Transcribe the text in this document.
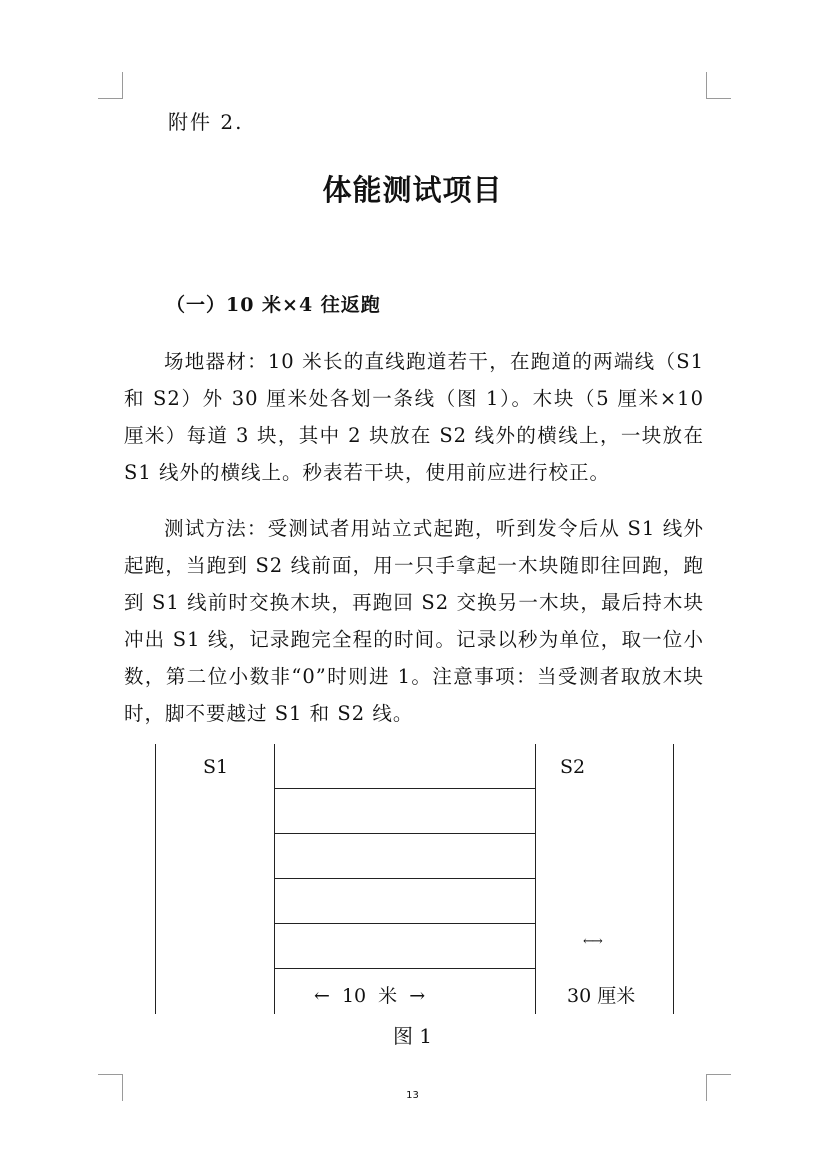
附件 2.
体能测试项目
（一）10 米×4 往返跑

场地器材：10 米长的直线跑道若干，在跑道的两端线（S1 和 S2）外 30 厘米处各划一条线（图 1）。木块（5 厘米×10 厘米）每道 3 块，其中 2 块放在 S2 线外的横线上，一块放在 S1 线外的横线上。秒表若干块，使用前应进行校正。

测试方法：受测试者用站立式起跑，听到发令后从 S1 线外起跑，当跑到 S2 线前面，用一只手拿起一木块随即往回跑，跑到 S1 线前时交换木块，再跑回 S2 交换另一木块，最后持木块冲出 S1 线，记录跑完全程的时间。记录以秒为单位，取一位小数，第二位小数非“0”时则进 1。注意事项：当受测者取放木块时，脚不要越过 S1 和 S2 线。

S1	S2
← 10 米 →
←→
30 厘米
图 1
13
